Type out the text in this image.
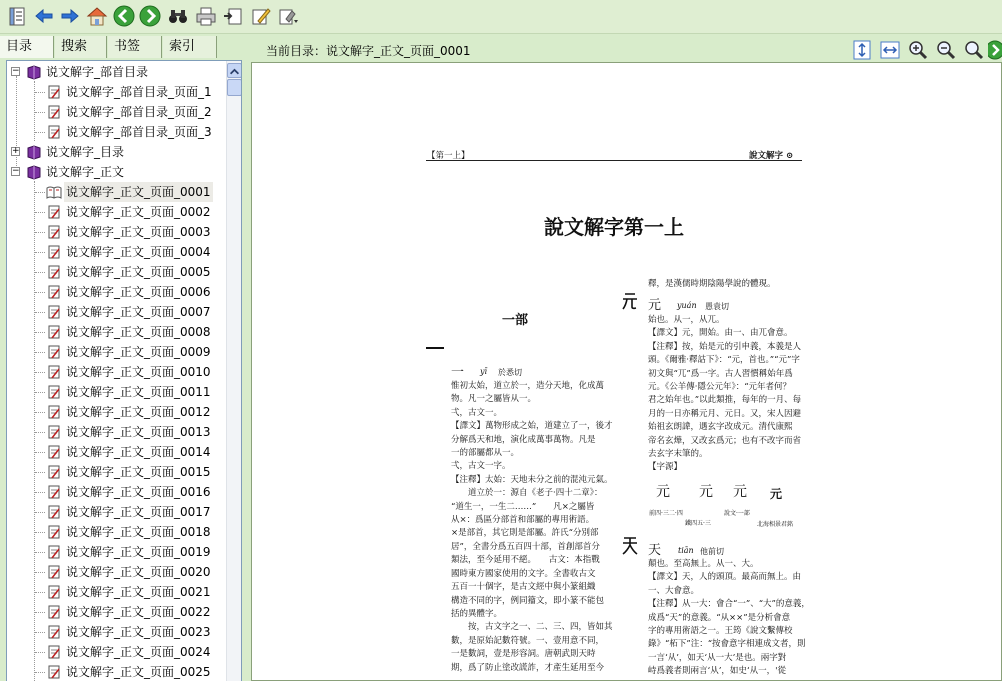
目录	搜索	书签	索引
− 说文解字_部首目录
说文解字_部首目录_页面_1
说文解字_部首目录_页面_2
说文解字_部首目录_页面_3
+ 说文解字_目录
− 说文解字_正文
说文解字_正文_页面_0001
说文解字_正文_页面_0002
说文解字_正文_页面_0003
说文解字_正文_页面_0004
说文解字_正文_页面_0005
说文解字_正文_页面_0006
说文解字_正文_页面_0007
说文解字_正文_页面_0008
说文解字_正文_页面_0009
说文解字_正文_页面_0010
说文解字_正文_页面_0011
说文解字_正文_页面_0012
说文解字_正文_页面_0013
说文解字_正文_页面_0014
说文解字_正文_页面_0015
说文解字_正文_页面_0016
说文解字_正文_页面_0017
说文解字_正文_页面_0018
说文解字_正文_页面_0019
说文解字_正文_页面_0020
说文解字_正文_页面_0021
说文解字_正文_页面_0022
说文解字_正文_页面_0023
说文解字_正文_页面_0024
说文解字_正文_页面_0025
当前目录：说文解字_正文_页面_0001
【第一上】	說文解字 ⊙
說文解字第一上
一部
一 yī 於悉切

惟初太始，道立於一，造分天地，化成萬

物。凡一之屬皆从一。

弌，古文一。

【譯文】萬物形成之始，道建立了一，後才

分解爲天和地，演化成萬事萬物。凡是

一的部屬都从一。

弌，古文一字。

【注釋】太始：天地未分之前的混沌元氣。

　　道立於一：源自《老子·四十二章》：

“道生一，一生二……”　　凡×之屬皆

从×：爲區分部首和部屬的專用術語。

×是部首，其它則是部屬。許氏“分別部

居”，全書分爲五百四十部，首創部首分

類法，至今延用不絕。　　古文：本指戰

國時東方國家使用的文字。全書收古文

五百一十個字，是古文經中與小篆組織

構造不同的字，例同籀文，即小篆不能包

括的異體字。

　　按，古文字之一、二、三、四，皆如其

數，是原始記數符號。一、壹用意不同，

一是數詞，壹是形容詞。唐朝武則天時

期，爲了防止塗改謊詐，才產生延用至今

釋，是漢儒時期陰陽學說的體現。
元 yuán 愚袁切

始也。从一，从兀。

【譯文】元，開始。由一、由兀會意。

【注釋】按，始是元的引申義，本義是人

頭。《爾雅·釋詁下》：“元，首也。”“元”字

初文與“兀”爲一字。古人習慣稱始年爲

元。《公羊傳·隱公元年》：“元年者何？

君之始年也。”以此類推，每年的一月、每

月的一日亦稱元月、元日。又，宋人因避

始祖玄朗諱，遇玄字改成元。清代康熙

帝名玄燁，又改玄爲元；也有不改字而省

去玄字末筆的。

【字源】

元 元 元 元
前四·三二·四
鐵四五·三
說文·一部
北海相景君銘
天 tiān 他前切

顛也。至高無上。从一、大。

【譯文】天，人的頭頂。最高而無上。由

一、大會意。

【注釋】从一大：會合“一”、“大”的意義，

成爲“天”的意義。“从××”是分析會意

字的專用術語之一。王筠《說文繫傳校

錄》“柘下”注：“按會意字相連成文者，則

一言‘从’，如天‘从一大’是也。兩字對

峙爲義者則兩言‘从’，如史‘从一，'從
